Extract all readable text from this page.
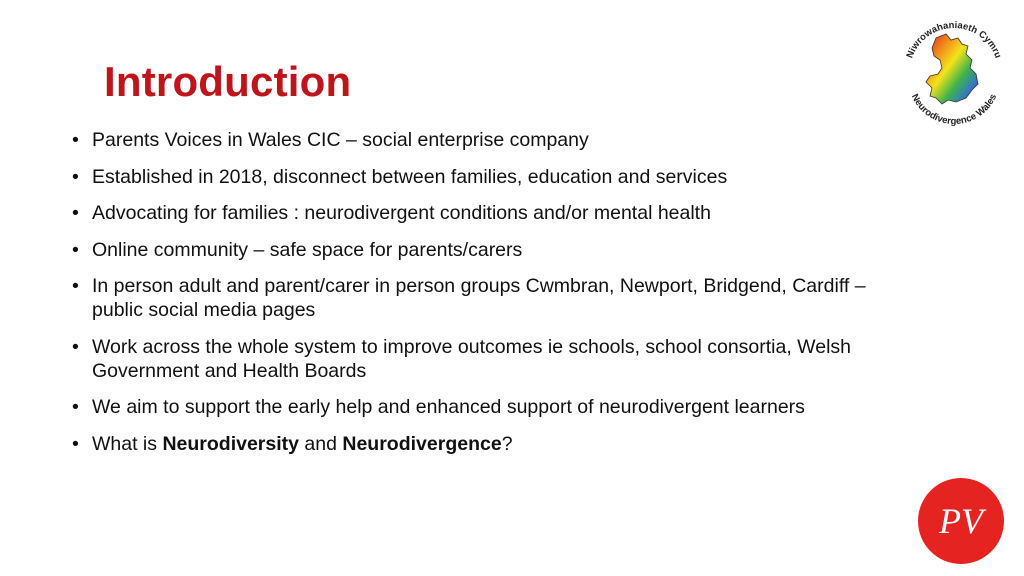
Introduction
• Parents Voices in Wales CIC – social enterprise company
• Established in 2018, disconnect between families, education and services
• Advocating for families : neurodivergent conditions and/or mental health
• Online community – safe space for parents/carers
• In person adult and parent/carer in person groups Cwmbran, Newport, Bridgend, Cardiff – public social media pages
• Work across the whole system to improve outcomes ie schools, school consortia, Welsh Government and Health Boards
• We aim to support the early help and enhanced support of neurodivergent learners
• What is Neurodiversity and Neurodivergence?
Niwrowahaniaeth Cymru
Neurodivergence Wales
PV
